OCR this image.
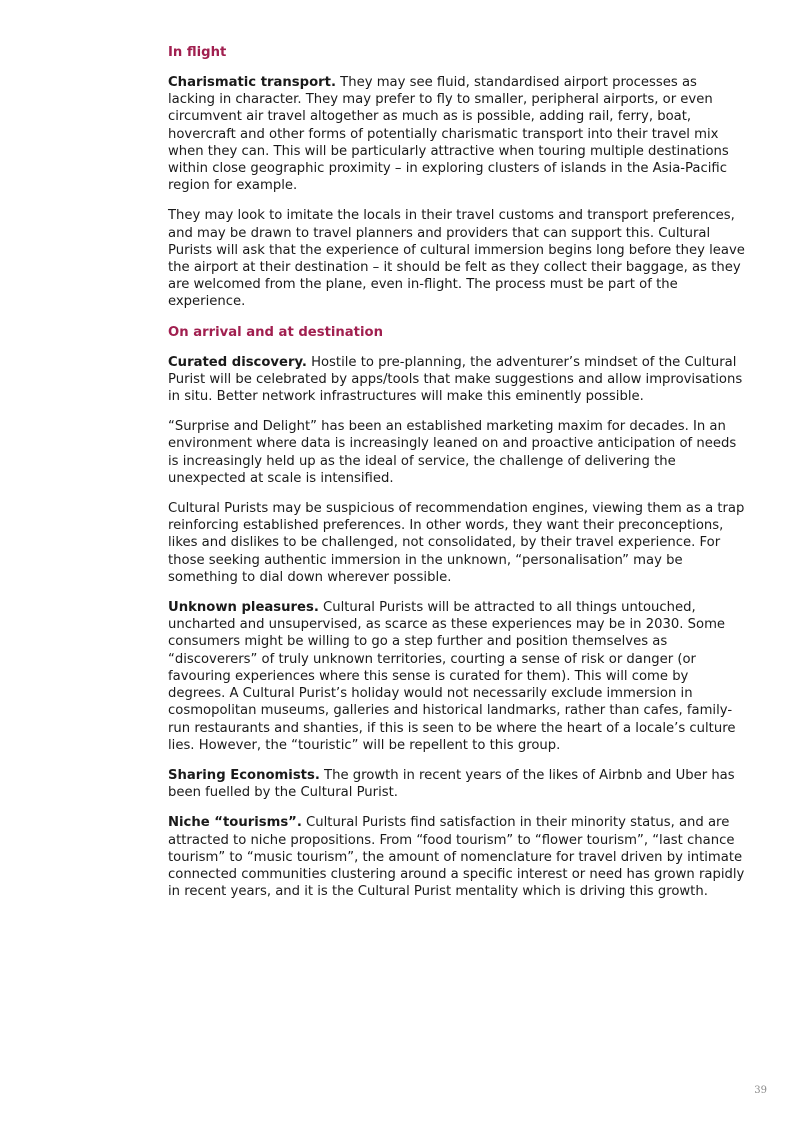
In flight

Charismatic transport. They may see fluid, standardised airport processes as lacking in character. They may prefer to fly to smaller, peripheral airports, or even circumvent air travel altogether as much as is possible, adding rail, ferry, boat, hovercraft and other forms of potentially charismatic transport into their travel mix when they can. This will be particularly attractive when touring multiple destinations within close geographic proximity – in exploring clusters of islands in the Asia-Pacific region for example.

They may look to imitate the locals in their travel customs and transport preferences, and may be drawn to travel planners and providers that can support this. Cultural Purists will ask that the experience of cultural immersion begins long before they leave the airport at their destination – it should be felt as they collect their baggage, as they are welcomed from the plane, even in-flight. The process must be part of the experience.

On arrival and at destination

Curated discovery. Hostile to pre-planning, the adventurer’s mindset of the Cultural Purist will be celebrated by apps/tools that make suggestions and allow improvisations in situ. Better network infrastructures will make this eminently possible.

“Surprise and Delight” has been an established marketing maxim for decades. In an environment where data is increasingly leaned on and proactive anticipation of needs is increasingly held up as the ideal of service, the challenge of delivering the unexpected at scale is intensified.

Cultural Purists may be suspicious of recommendation engines, viewing them as a trap reinforcing established preferences. In other words, they want their preconceptions, likes and dislikes to be challenged, not consolidated, by their travel experience. For those seeking authentic immersion in the unknown, “personalisation” may be something to dial down wherever possible.

Unknown pleasures. Cultural Purists will be attracted to all things untouched, uncharted and unsupervised, as scarce as these experiences may be in 2030. Some consumers might be willing to go a step further and position themselves as “discoverers” of truly unknown territories, courting a sense of risk or danger (or favouring experiences where this sense is curated for them). This will come by degrees. A Cultural Purist’s holiday would not necessarily exclude immersion in cosmopolitan museums, galleries and historical landmarks, rather than cafes, family-run restaurants and shanties, if this is seen to be where the heart of a locale’s culture lies. However, the “touristic” will be repellent to this group.

Sharing Economists. The growth in recent years of the likes of Airbnb and Uber has been fuelled by the Cultural Purist.

Niche “tourisms”. Cultural Purists find satisfaction in their minority status, and are attracted to niche propositions. From “food tourism” to “flower tourism”, “last chance tourism” to “music tourism”, the amount of nomenclature for travel driven by intimate connected communities clustering around a specific interest or need has grown rapidly in recent years, and it is the Cultural Purist mentality which is driving this growth.

39
